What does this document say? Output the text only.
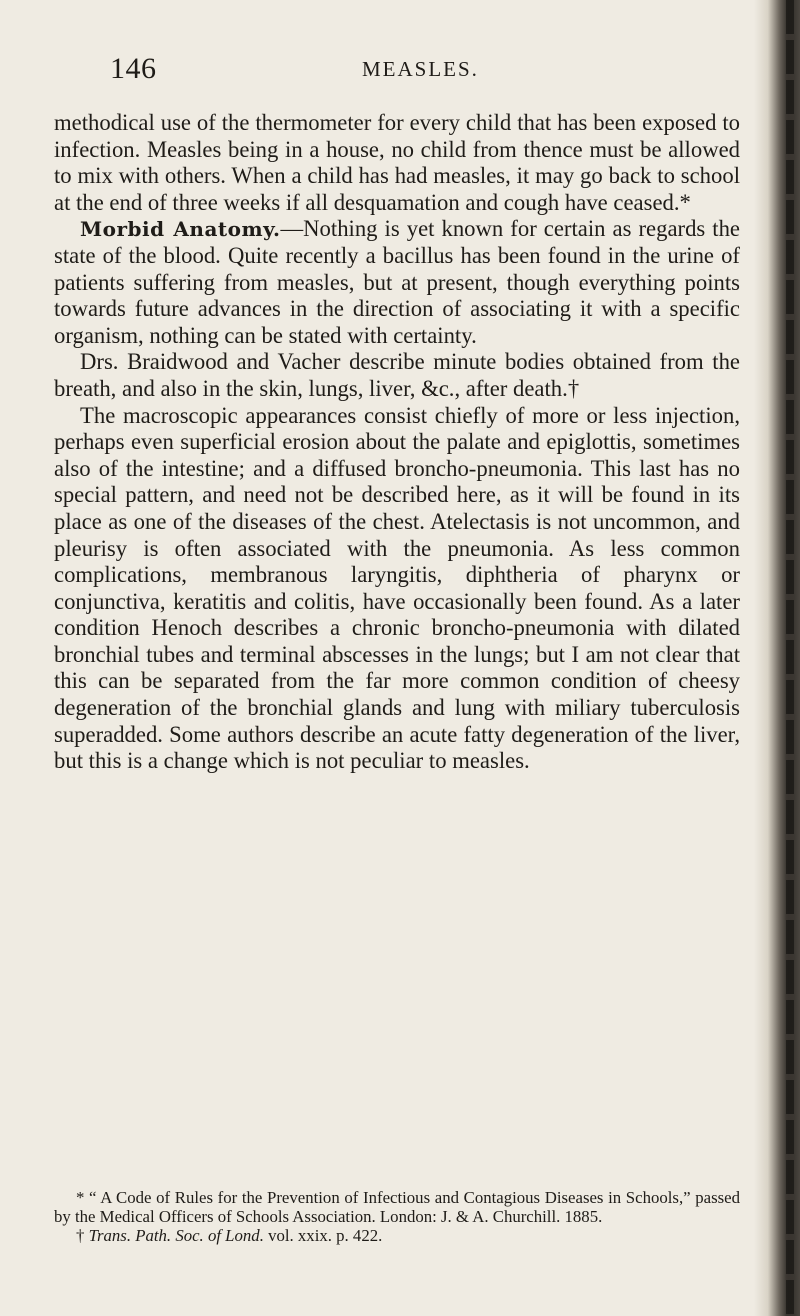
146	MEASLES.

methodical use of the thermometer for every child that has been exposed to infection. Measles being in a house, no child from thence must be allowed to mix with others. When a child has had measles, it may go back to school at the end of three weeks if all desquamation and cough have ceased.*

Morbid Anatomy.—Nothing is yet known for certain as regards the state of the blood. Quite recently a bacillus has been found in the urine of patients suffering from measles, but at present, though everything points towards future advances in the direction of associating it with a specific organism, nothing can be stated with certainty.

Drs. Braidwood and Vacher describe minute bodies obtained from the breath, and also in the skin, lungs, liver, &c., after death.†

The macroscopic appearances consist chiefly of more or less injection, perhaps even superficial erosion about the palate and epiglottis, sometimes also of the intestine; and a diffused broncho-pneumonia. This last has no special pattern, and need not be described here, as it will be found in its place as one of the diseases of the chest. Atelectasis is not uncommon, and pleurisy is often associated with the pneumonia. As less common complications, membranous laryngitis, diphtheria of pharynx or conjunctiva, keratitis and colitis, have occasionally been found. As a later condition Henoch describes a chronic broncho-pneumonia with dilated bronchial tubes and terminal abscesses in the lungs; but I am not clear that this can be separated from the far more common condition of cheesy degeneration of the bronchial glands and lung with miliary tuberculosis superadded. Some authors describe an acute fatty degeneration of the liver, but this is a change which is not peculiar to measles.

* “ A Code of Rules for the Prevention of Infectious and Contagious Diseases in Schools,” passed by the Medical Officers of Schools Association. London: J. & A. Churchill. 1885.

† Trans. Path. Soc. of Lond. vol. xxix. p. 422.
